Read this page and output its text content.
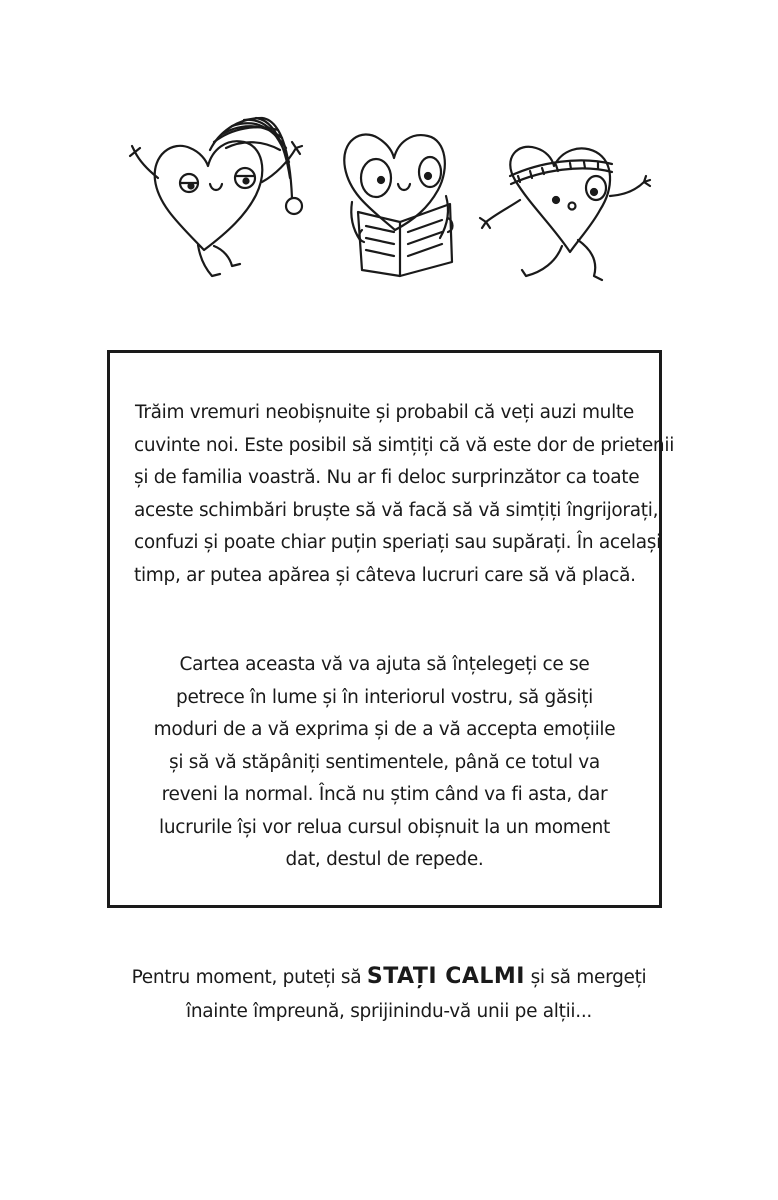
Trăim vremuri neobișnuite și probabil că veți auzi multe
cuvinte noi. Este posibil să simțiți că vă este dor de prietenii
și de familia voastră. Nu ar fi deloc surprinzător ca toate
aceste schimbări bruște să vă facă să vă simțiți îngrijorați,
confuzi și poate chiar puțin speriați sau supărați. În același
timp, ar putea apărea și câteva lucruri care să vă placă.

Cartea aceasta vă va ajuta să înțelegeți ce se
petrece în lume și în interiorul vostru, să găsiți
moduri de a vă exprima și de a vă accepta emoțiile
și să vă stăpâniți sentimentele, până ce totul va
reveni la normal. Încă nu știm când va fi asta, dar
lucrurile își vor relua cursul obișnuit la un moment
dat, destul de repede.

Pentru moment, puteți să STAȚI CALMI și să mergeți
înainte împreună, sprijinindu-vă unii pe alții...
